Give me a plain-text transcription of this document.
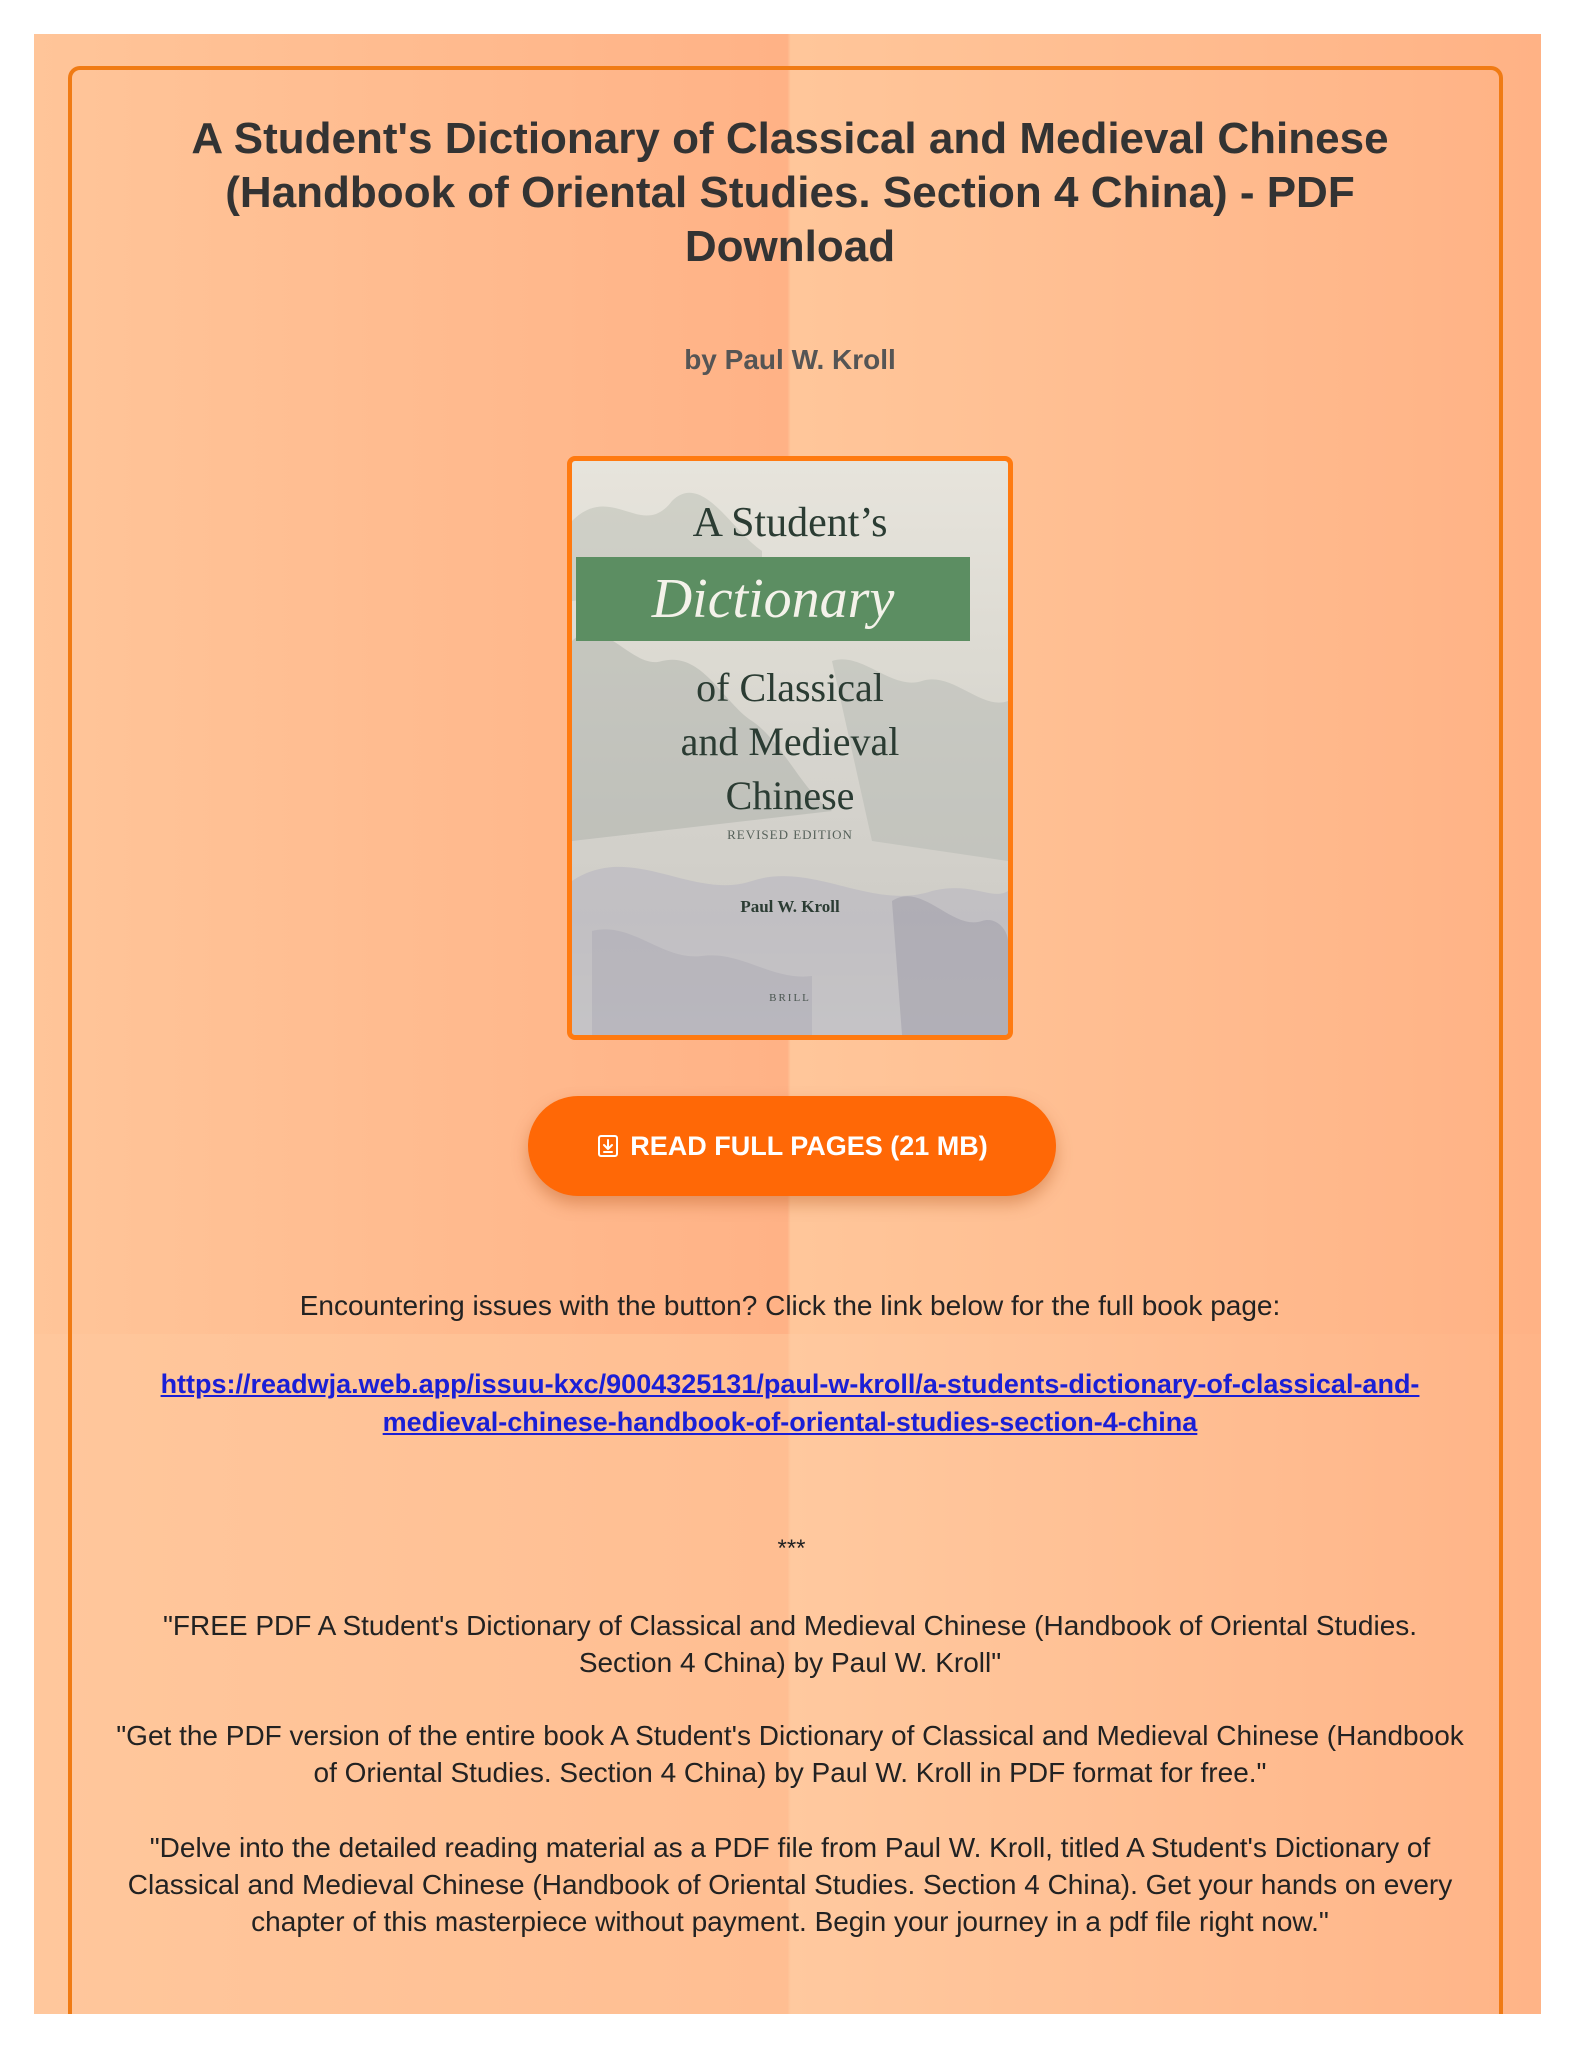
A Student's Dictionary of Classical and Medieval Chinese (Handbook of Oriental Studies. Section 4 China) - PDF Download
by Paul W. Kroll
A Student’s
Dictionary
of Classical
and Medieval
Chinese
REVISED EDITION
Paul W. Kroll
BRILL
READ FULL PAGES (21 MB)
Encountering issues with the button? Click the link below for the full book page:
https://readwja.web.app/issuu-kxc/9004325131/paul-w-kroll/a-students-dictionary-of-classical-and-medieval-chinese-handbook-of-oriental-studies-section-4-china
***

"FREE PDF A Student's Dictionary of Classical and Medieval Chinese (Handbook of Oriental Studies. Section 4 China) by Paul W. Kroll"

"Get the PDF version of the entire book A Student's Dictionary of Classical and Medieval Chinese (Handbook of Oriental Studies. Section 4 China) by Paul W. Kroll in PDF format for free."

"Delve into the detailed reading material as a PDF file from Paul W. Kroll, titled A Student's Dictionary of Classical and Medieval Chinese (Handbook of Oriental Studies. Section 4 China). Get your hands on every chapter of this masterpiece without payment. Begin your journey in a pdf file right now."
